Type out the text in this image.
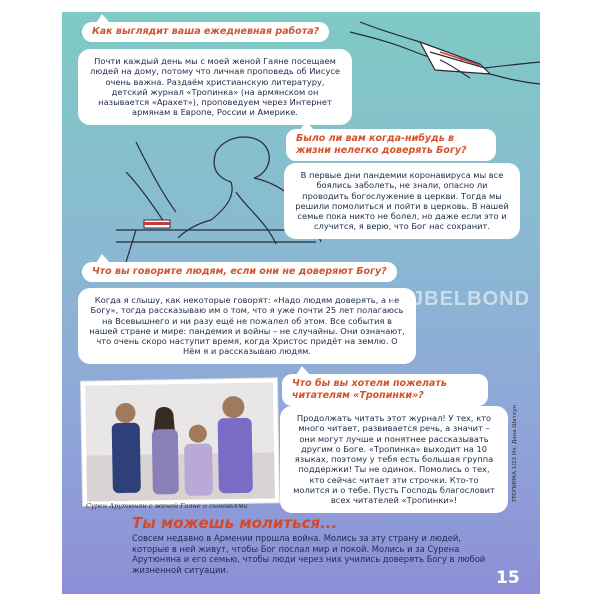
✕
Как выглядит ваша ежедневная работа?
Почти каждый день мы с моей женой Гаяне посещаем людей на дому, потому что личная проповедь об Иисусе очень важна. Раздаём христианскую литературу, детский журнал «Тропинка» (на армянском он называется «Арахет»), проповедуем через Интернет армянам в Европе, России и Америке.
Было ли вам когда-нибудь в жизни нелегко доверять Богу?
В первые дни пандемии коронавируса мы все боялись заболеть, не знали, опасно ли проводить богослужение в церкви. Тогда мы решили помолиться и пойти в церковь. В нашей семье пока никто не болел, но даже если это и случится, я верю, что Бог нас сохранит.
Что вы говорите людям, если они не доверяют Богу?
Когда я слышу, как некоторые говорят: «Надо людям доверять, а не Богу», тогда рассказываю им о том, что я уже почти 25 лет полагаюсь на Всевышнего и ни разу ещё не пожалел об этом. Все события в нашей стране и мире: пандемия и войны – не случайны. Они означают, что очень скоро наступит время, когда Христос придёт на землю. О Нём я и рассказываю людям.
BIJBELBOND
Сурен Арутюнян с женой Гаяне и сыновьями
Что бы вы хотели пожелать читателям «Тропинки»?
Продолжать читать этот журнал! У тех, кто много читает, развивается речь, а значит – они могут лучше и понятнее рассказывать другим о Боге. «Тропинка» выходит на 10 языках, поэтому у тебя есть большая группа поддержки! Ты не одинок. Помолись о тех, кто сейчас читает эти строчки. Кто-то молится и о тебе. Пусть Господь благословит всех читателей «Тропинки»!	ТРОПИНКА 1/22 Ил. Дана Шатхун
Ты можешь молиться...
Совсем недавно в Армении прошла война. Молись за эту страну и людей, которые в ней живут, чтобы Бог послал мир и покой. Молись и за Сурена Арутюняна и его семью, чтобы люди через них учились доверять Богу в любой жизненной ситуации.	15
